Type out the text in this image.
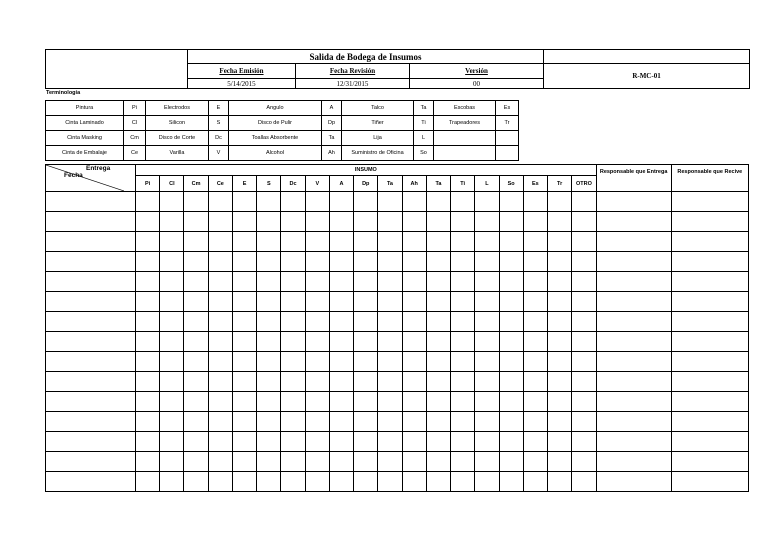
	Salida de Bodega de Insumos			
	Fecha Emisión	Fecha Revisión	Versión	R-MC-01
	5/14/2015	12/31/2015	00	
Terminología
Pintura	Pi	Electrodos	E	Angulo	A	Talco	Ta	Escobas	Es
Cinta Laminado	Cl	Silicon	S	Disco de Pulir	Dp	Tiñer	Ti	Trapeadores	Tr
Cinta Masking	Cm	Disco de Corte	Dc	Toallas Absorbente	Ta	Lija	L		
Cinta de Embalaje	Ce	Varilla	V	Alcohol	Ah	Suministro de Oficina	So		
Entrega
Fecha	INSUMO																			Responsable que Entrega	Responsable que Recive
	Pi	Cl	Cm	Ce	E	S	Dc	V	A	Dp	Ta	Ah	Ta	Ti	L	So	Es	Tr	OTRO		
